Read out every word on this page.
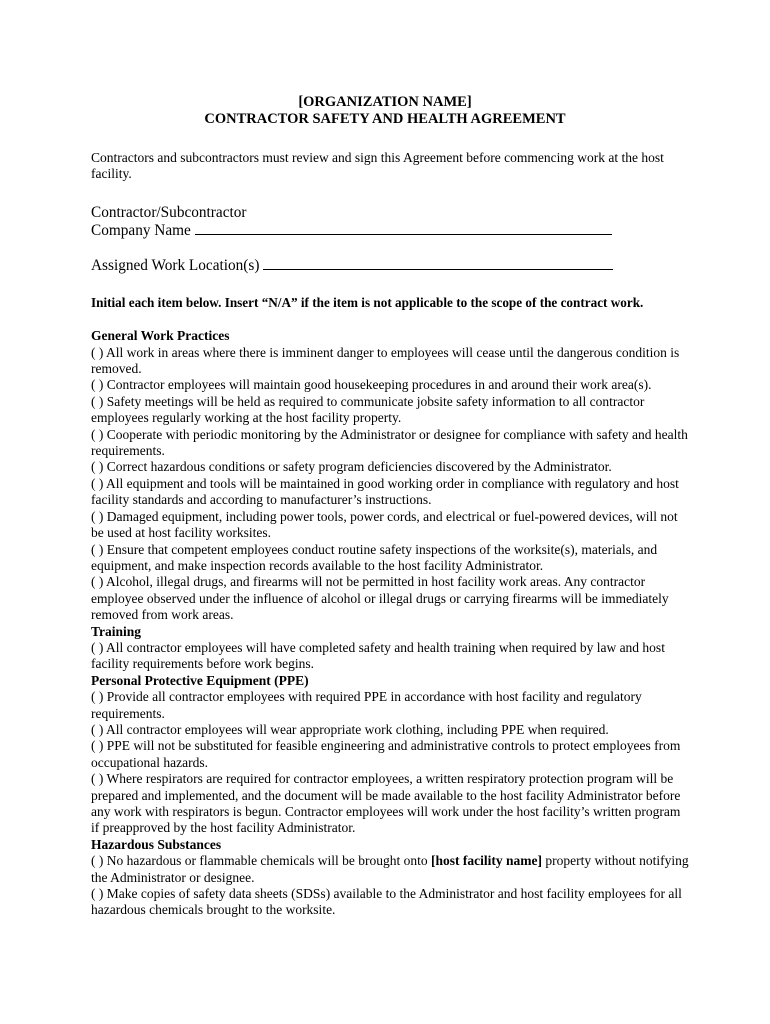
[ORGANIZATION NAME]
CONTRACTOR SAFETY AND HEALTH AGREEMENT
Contractors and subcontractors must review and sign this Agreement before commencing work at the host facility.
Contractor/Subcontractor
Company Name
Assigned Work Location(s)
Initial each item below. Insert “N/A” if the item is not applicable to the scope of the contract work.
General Work Practices
( ) All work in areas where there is imminent danger to employees will cease until the dangerous condition is removed.
( ) Contractor employees will maintain good housekeeping procedures in and around their work area(s).
( ) Safety meetings will be held as required to communicate jobsite safety information to all contractor employees regularly working at the host facility property.
( ) Cooperate with periodic monitoring by the Administrator or designee for compliance with safety and health requirements.
( ) Correct hazardous conditions or safety program deficiencies discovered by the Administrator.
( ) All equipment and tools will be maintained in good working order in compliance with regulatory and host facility standards and according to manufacturer’s instructions.
( ) Damaged equipment, including power tools, power cords, and electrical or fuel-powered devices, will not be used at host facility worksites.
( ) Ensure that competent employees conduct routine safety inspections of the worksite(s), materials, and equipment, and make inspection records available to the host facility Administrator.
( ) Alcohol, illegal drugs, and firearms will not be permitted in host facility work areas. Any contractor employee observed under the influence of alcohol or illegal drugs or carrying firearms will be immediately removed from work areas.
Training
( ) All contractor employees will have completed safety and health training when required by law and host facility requirements before work begins.
Personal Protective Equipment (PPE)
( ) Provide all contractor employees with required PPE in accordance with host facility and regulatory requirements.
( ) All contractor employees will wear appropriate work clothing, including PPE when required.
( ) PPE will not be substituted for feasible engineering and administrative controls to protect employees from occupational hazards.
( ) Where respirators are required for contractor employees, a written respiratory protection program will be prepared and implemented, and the document will be made available to the host facility Administrator before any work with respirators is begun. Contractor employees will work under the host facility’s written program if preapproved by the host facility Administrator.
Hazardous Substances
( ) No hazardous or flammable chemicals will be brought onto [host facility name] property without notifying the Administrator or designee.
( ) Make copies of safety data sheets (SDSs) available to the Administrator and host facility employees for all hazardous chemicals brought to the worksite.
